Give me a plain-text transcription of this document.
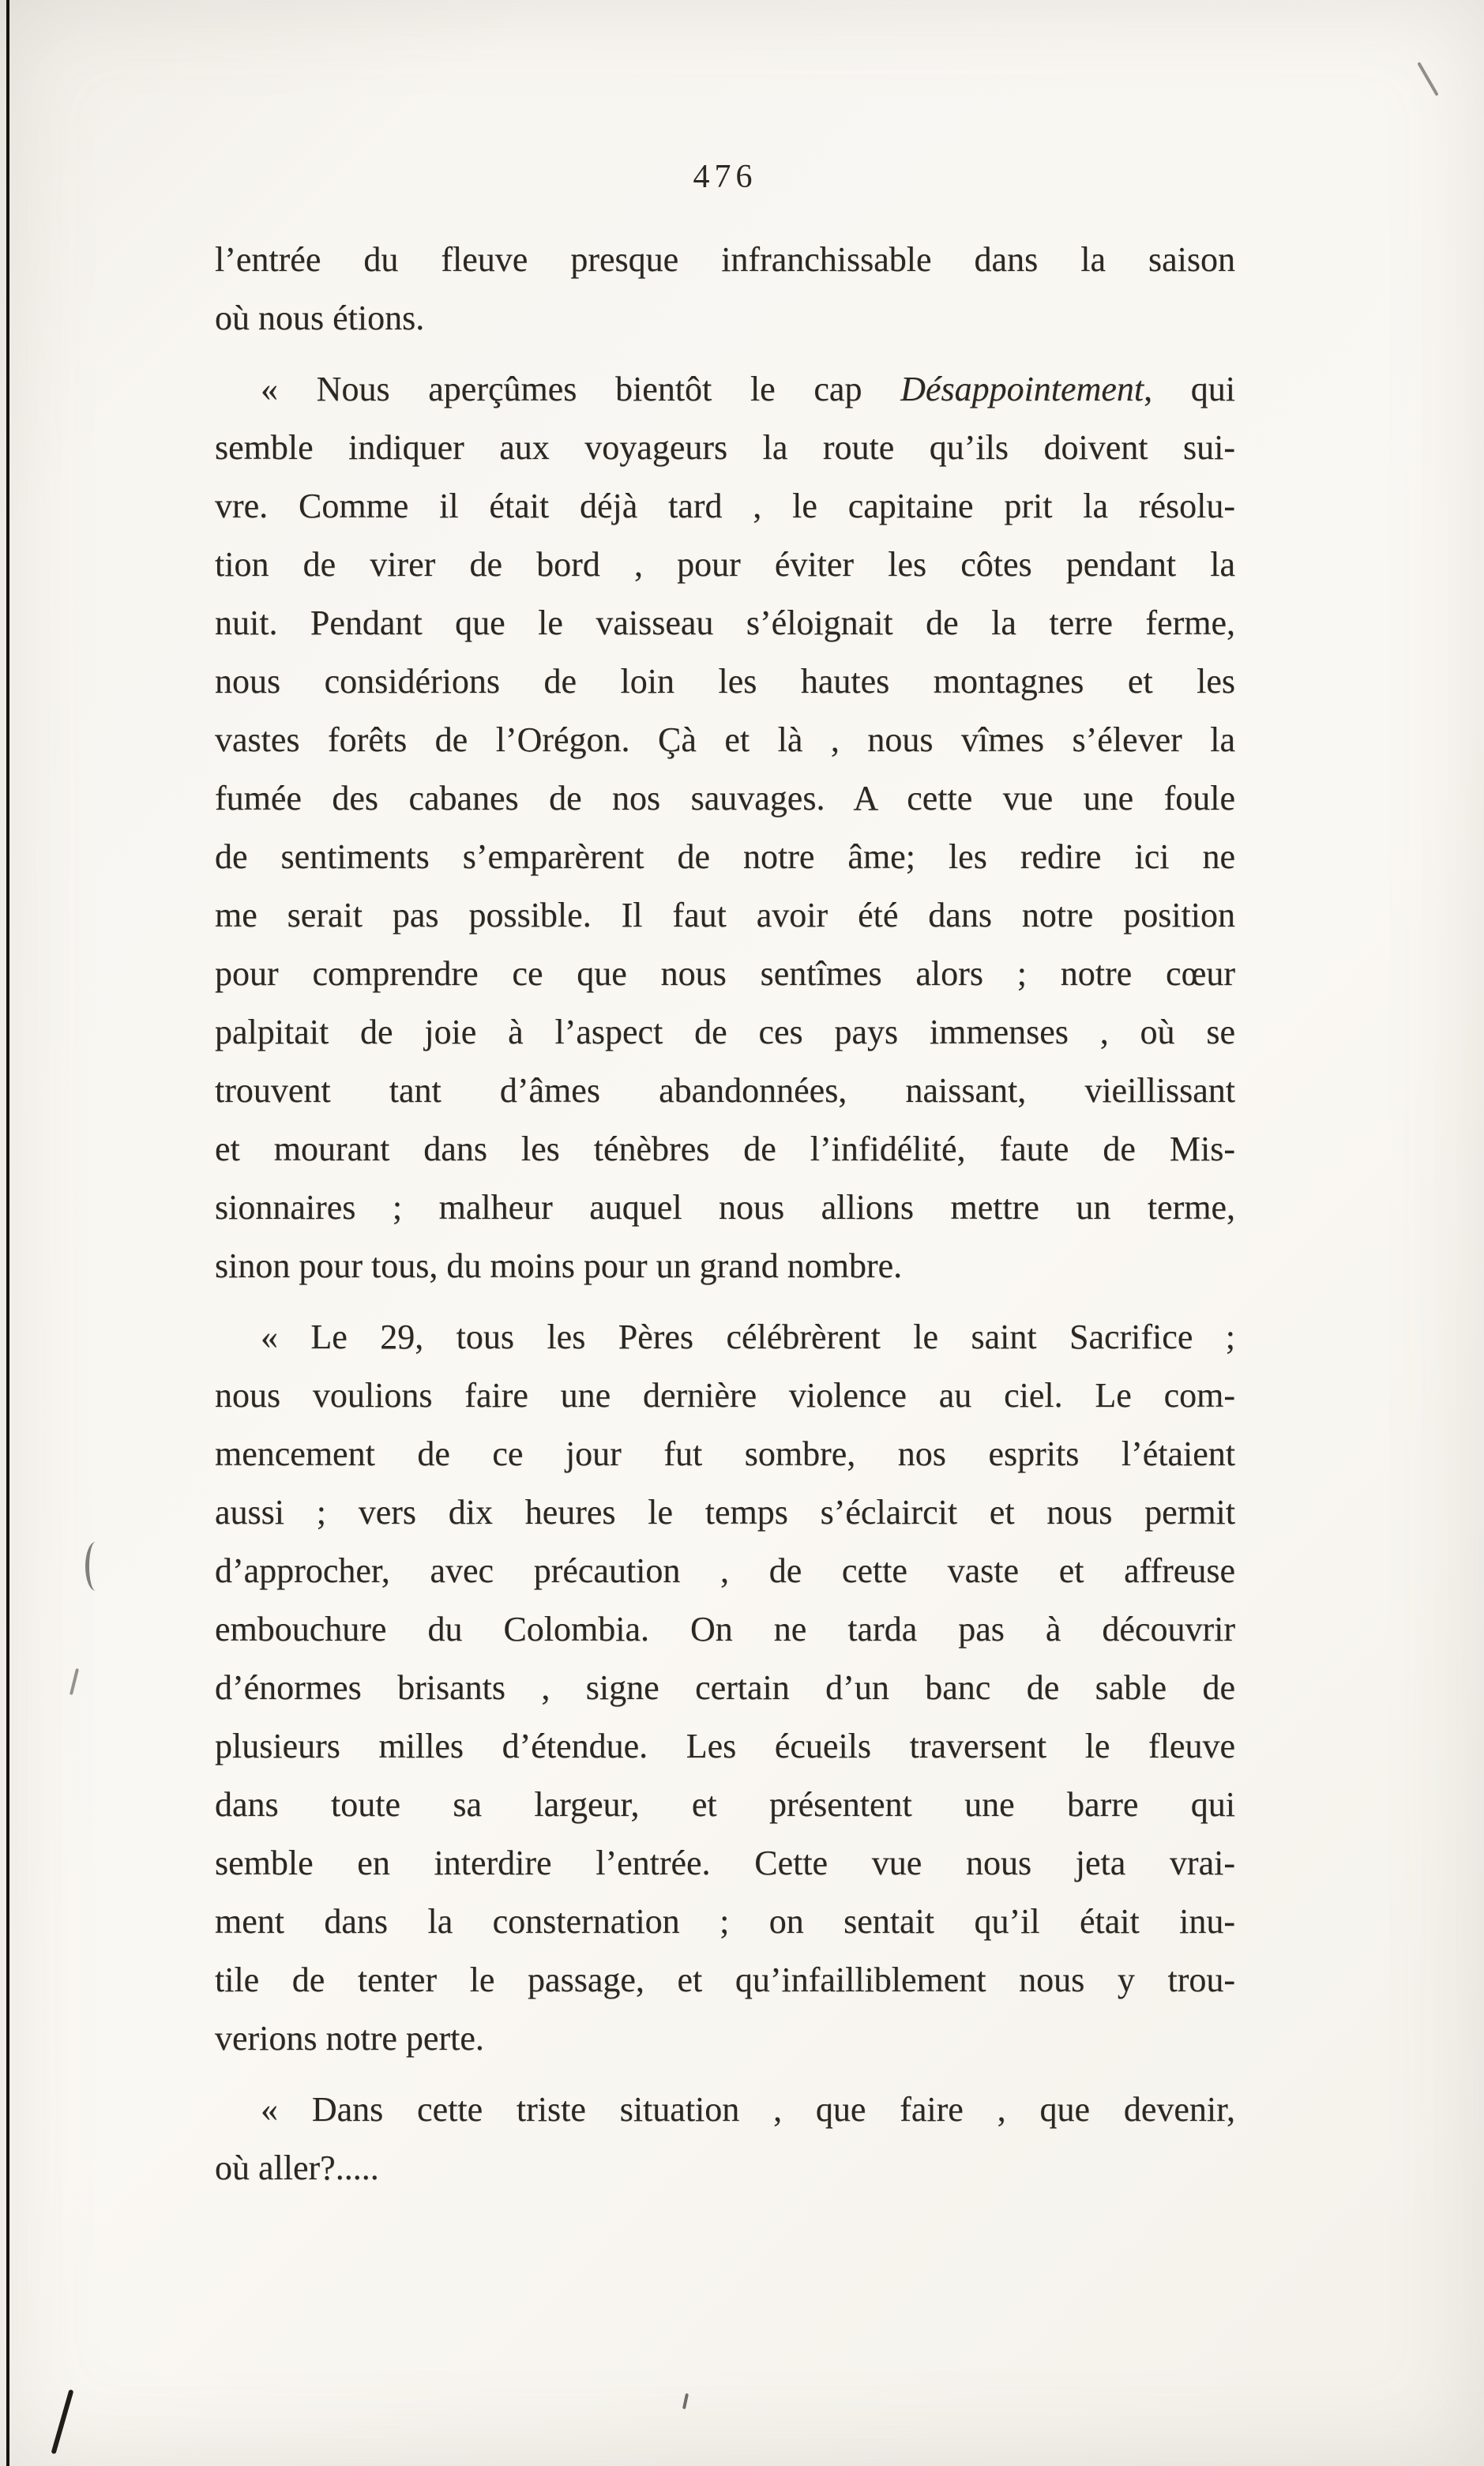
476
l’entrée du fleuve presque infranchissable dans la saison
où nous étions.
« Nous aperçûmes bientôt le cap Désappointement, qui
semble indiquer aux voyageurs la route qu’ils doivent sui-
vre. Comme il était déjà tard , le capitaine prit la résolu-
tion de virer de bord , pour éviter les côtes pendant la
nuit. Pendant que le vaisseau s’éloignait de la terre ferme,
nous considérions de loin les hautes montagnes et les
vastes forêts de l’Orégon. Çà et là , nous vîmes s’élever la
fumée des cabanes de nos sauvages. A cette vue une foule
de sentiments s’emparèrent de notre âme; les redire ici ne
me serait pas possible. Il faut avoir été dans notre position
pour comprendre ce que nous sentîmes alors ; notre cœur
palpitait de joie à l’aspect de ces pays immenses , où se
trouvent tant d’âmes abandonnées, naissant, vieillissant
et mourant dans les ténèbres de l’infidélité, faute de Mis-
sionnaires ; malheur auquel nous allions mettre un terme,
sinon pour tous, du moins pour un grand nombre.
« Le 29, tous les Pères célébrèrent le saint Sacrifice ;
nous voulions faire une dernière violence au ciel. Le com-
mencement de ce jour fut sombre, nos esprits l’étaient
aussi ; vers dix heures le temps s’éclaircit et nous permit
d’approcher, avec précaution , de cette vaste et affreuse
embouchure du Colombia. On ne tarda pas à découvrir
d’énormes brisants , signe certain d’un banc de sable de
plusieurs milles d’étendue. Les écueils traversent le fleuve
dans toute sa largeur, et présentent une barre qui
semble en interdire l’entrée. Cette vue nous jeta vrai-
ment dans la consternation ; on sentait qu’il était inu-
tile de tenter le passage, et qu’infailliblement nous y trou-
verions notre perte.
« Dans cette triste situation , que faire , que devenir,
où aller?.....
